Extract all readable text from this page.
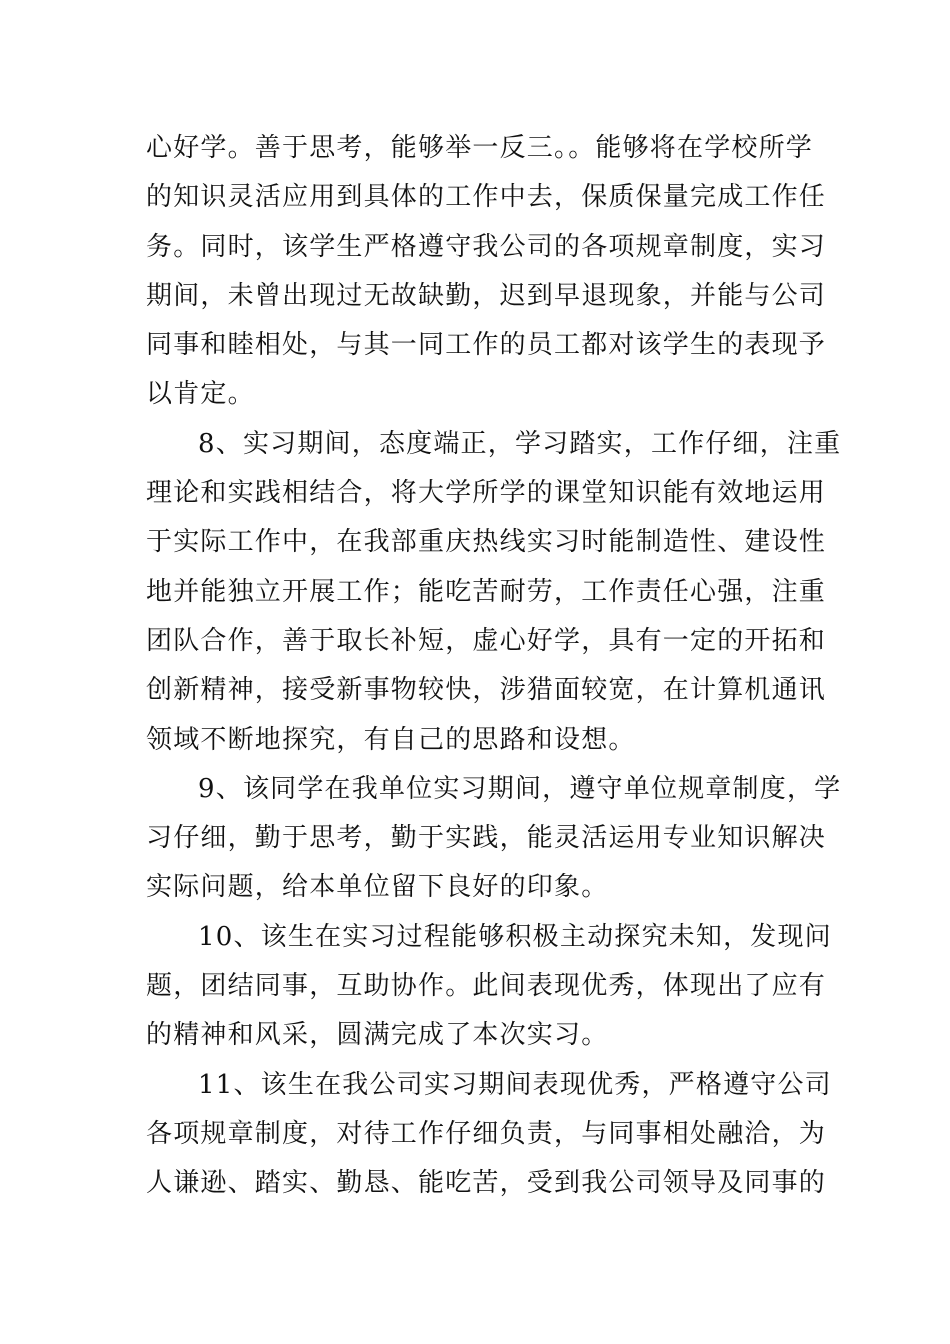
心好学。善于思考，能够举一反三。。能够将在学校所学
的知识灵活应用到具体的工作中去，保质保量完成工作任
务。同时，该学生严格遵守我公司的各项规章制度，实习
期间，未曾出现过无故缺勤，迟到早退现象，并能与公司
同事和睦相处，与其一同工作的员工都对该学生的表现予
以肯定。
8、实习期间，态度端正，学习踏实，工作仔细，注重
理论和实践相结合，将大学所学的课堂知识能有效地运用
于实际工作中，在我部重庆热线实习时能制造性、建设性
地并能独立开展工作；能吃苦耐劳，工作责任心强，注重
团队合作，善于取长补短，虚心好学，具有一定的开拓和
创新精神，接受新事物较快，涉猎面较宽，在计算机通讯
领域不断地探究，有自己的思路和设想。
9、该同学在我单位实习期间，遵守单位规章制度，学
习仔细，勤于思考，勤于实践，能灵活运用专业知识解决
实际问题，给本单位留下良好的印象。
10、该生在实习过程能够积极主动探究未知，发现问
题，团结同事，互助协作。此间表现优秀，体现出了应有
的精神和风采，圆满完成了本次实习。
11、该生在我公司实习期间表现优秀，严格遵守公司
各项规章制度，对待工作仔细负责，与同事相处融洽，为
人谦逊、踏实、勤恳、能吃苦，受到我公司领导及同事的
